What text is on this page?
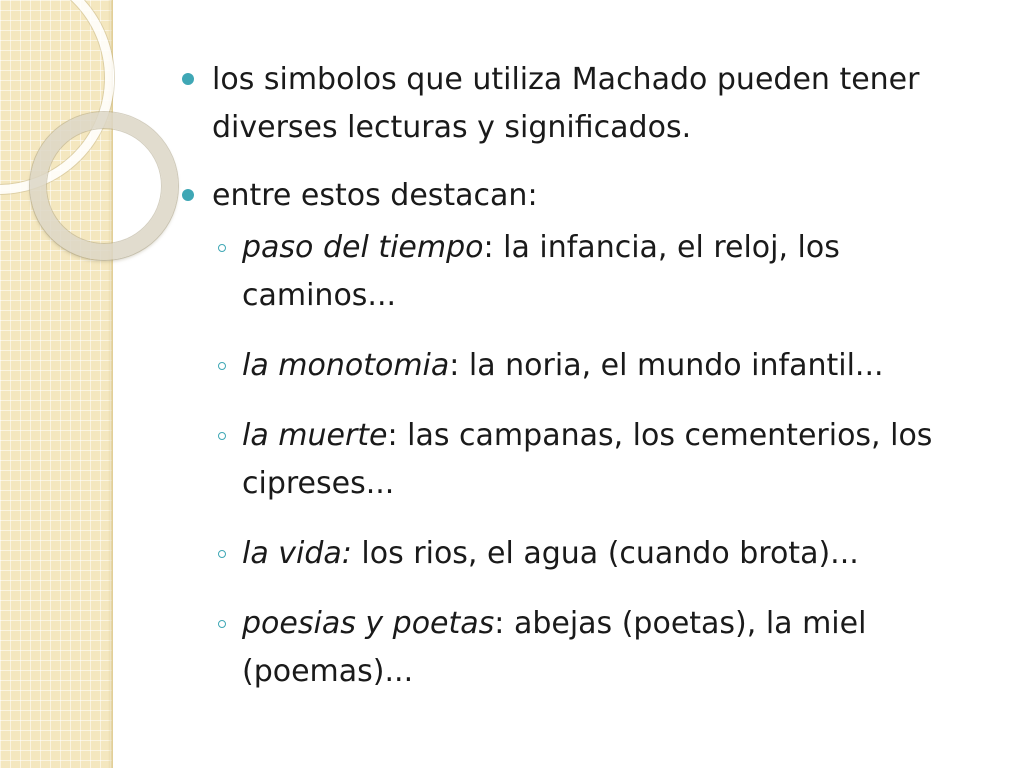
los simbolos que utiliza Machado pueden tener diverses lecturas y significados.
entre estos destacan:
paso del tiempo: la infancia, el reloj, los caminos...
la monotomia: la noria, el mundo infantil...
la muerte: las campanas, los cementerios, los cipreses...
la vida: los rios, el agua (cuando brota)...
poesias y poetas: abejas (poetas), la miel (poemas)...
